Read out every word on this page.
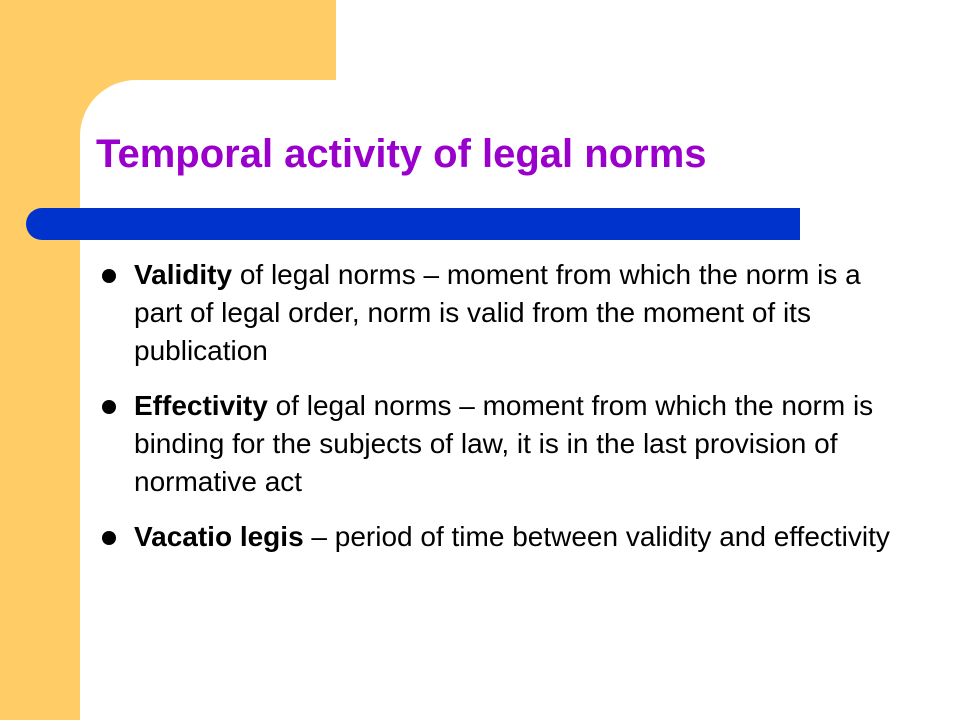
Temporal activity of legal norms
Validity of legal norms – moment from which the norm is a part of legal order, norm is valid from the moment of its publication
Effectivity of legal norms – moment from which the norm is binding for the subjects of law, it is in the last provision of normative act
Vacatio legis – period of time between validity and effectivity
